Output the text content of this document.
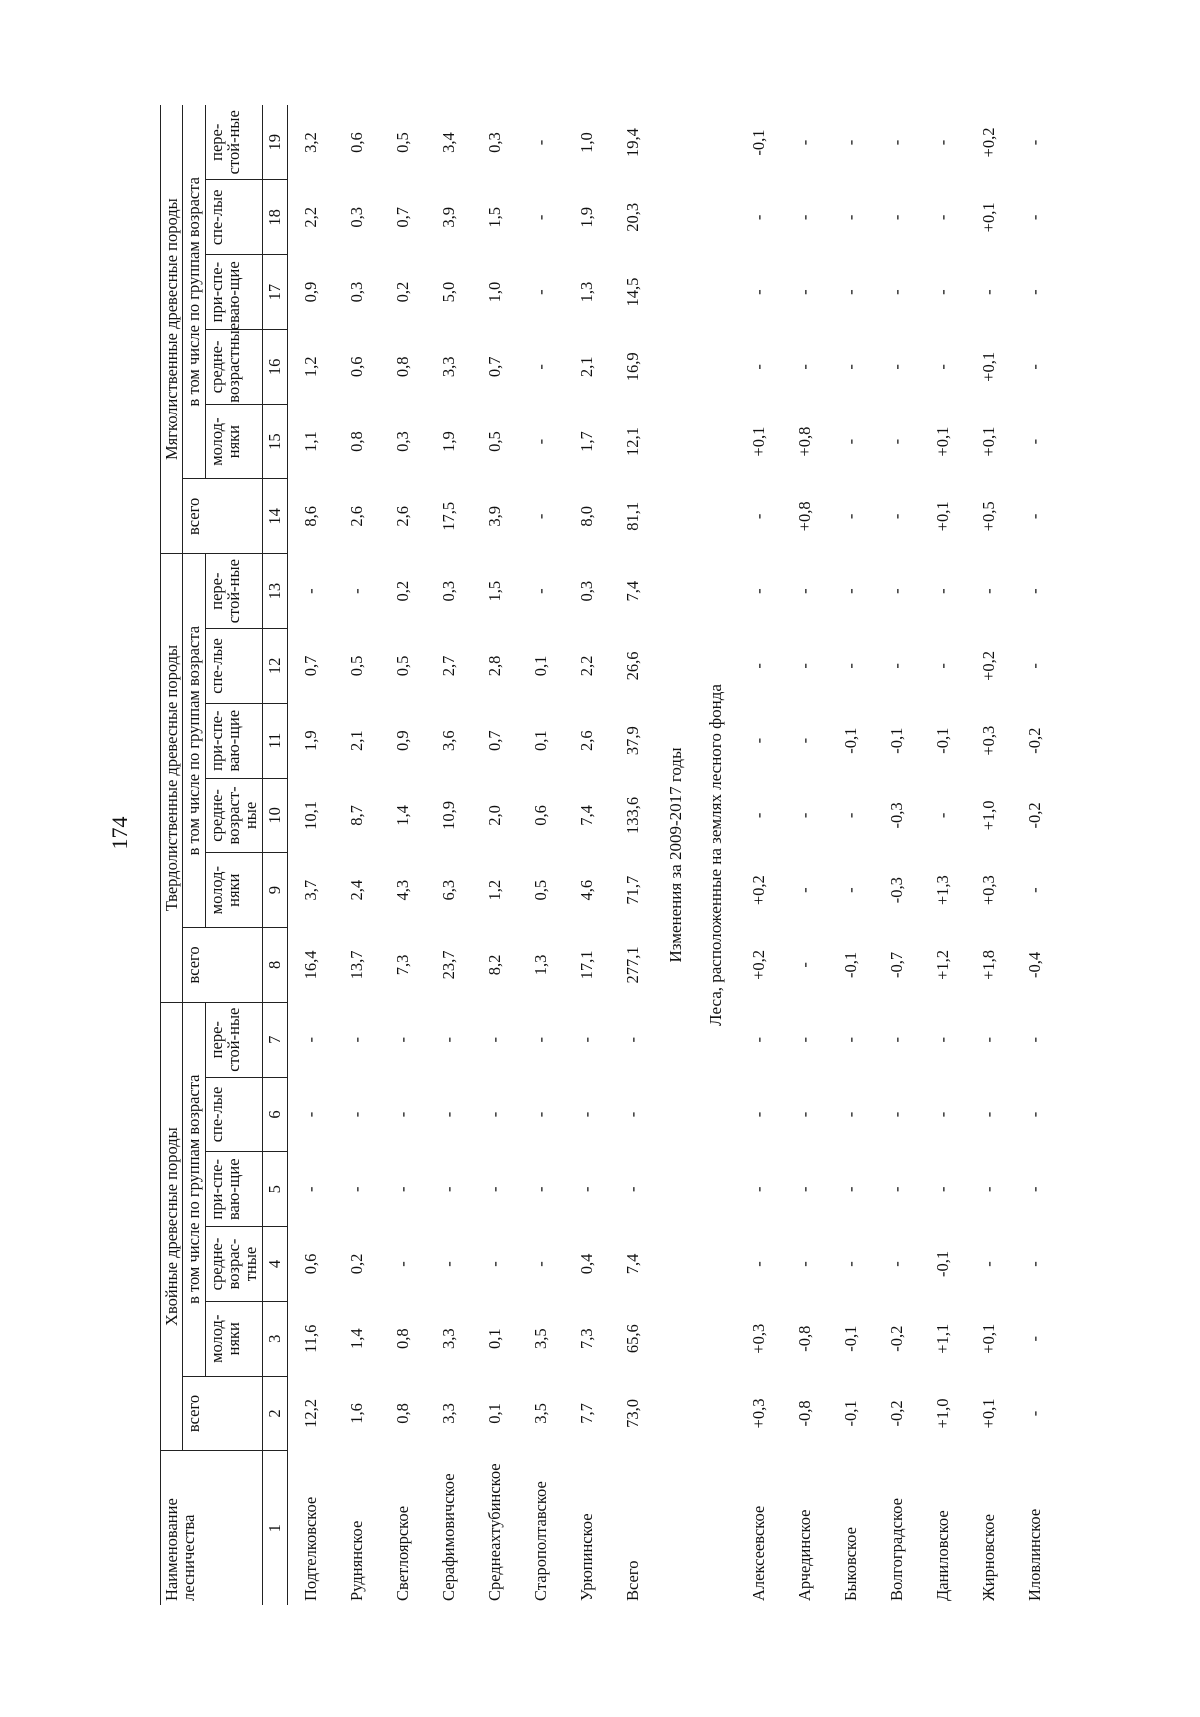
174
Наименование лесничества	Хвойные древесные породы						Твердолиственные древесные породы						Мягколиственные древесные породы					
	всего	в том числе по группам возраста					всего	в том числе по группам возраста					всего	в том числе по группам возраста				
		молод-няки	средне-возрас-тные	при-спе-ваю-щие	спе-лые	пере-стой-ные		молод-няки	средне-возраст-ные	при-спе-ваю-щие	спе-лые	пере-стой-ные		молод-няки	средне-возрастные	при-спе-ваю-щие	спе-лые	пере-стой-ные
1	2	3	4	5	6	7	8	9	10	11	12	13	14	15	16	17	18	19
Подтелковское	12,2	11,6	0,6	-	-	-	16,4	3,7	10,1	1,9	0,7	-	8,6	1,1	1,2	0,9	2,2	3,2
Руднянское	1,6	1,4	0,2	-	-	-	13,7	2,4	8,7	2,1	0,5	-	2,6	0,8	0,6	0,3	0,3	0,6
Светлоярское	0,8	0,8	-	-	-	-	7,3	4,3	1,4	0,9	0,5	0,2	2,6	0,3	0,8	0,2	0,7	0,5
Серафимовичское	3,3	3,3	-	-	-	-	23,7	6,3	10,9	3,6	2,7	0,3	17,5	1,9	3,3	5,0	3,9	3,4
Среднеахтубинское	0,1	0,1	-	-	-	-	8,2	1,2	2,0	0,7	2,8	1,5	3,9	0,5	0,7	1,0	1,5	0,3
Старополтавское	3,5	3,5	-	-	-	-	1,3	0,5	0,6	0,1	0,1	-	-	-	-	-	-	-
Урюпинское	7,7	7,3	0,4	-	-	-	17,1	4,6	7,4	2,6	2,2	0,3	8,0	1,7	2,1	1,3	1,9	1,0
Всего	73,0	65,6	7,4	-	-	-	277,1	71,7	133,6	37,9	26,6	7,4	81,1	12,1	16,9	14,5	20,3	19,4
Изменения за 2009-2017 годы																		
Леса, расположенные на землях лесного фонда																		
Алексеевское	+0,3	+0,3	-	-	-	-	+0,2	+0,2	-	-	-	-	-	+0,1	-	-	-	-0,1
Арчединское	-0,8	-0,8	-	-	-	-	-	-	-	-	-	-	+0,8	+0,8	-	-	-	-
Быковское	-0,1	-0,1	-	-	-	-	-0,1	-	-	-0,1	-	-	-	-	-	-	-	-
Волгоградское	-0,2	-0,2	-	-	-	-	-0,7	-0,3	-0,3	-0,1	-	-	-	-	-	-	-	-
Даниловское	+1,0	+1,1	-0,1	-	-	-	+1,2	+1,3	-	-0,1	-	-	+0,1	+0,1	-	-	-	-
Жирновское	+0,1	+0,1	-	-	-	-	+1,8	+0,3	+1,0	+0,3	+0,2	-	+0,5	+0,1	+0,1	-	+0,1	+0,2
Иловлинское	-	-	-	-	-	-	-0,4	-	-0,2	-0,2	-	-	-	-	-	-	-	-
